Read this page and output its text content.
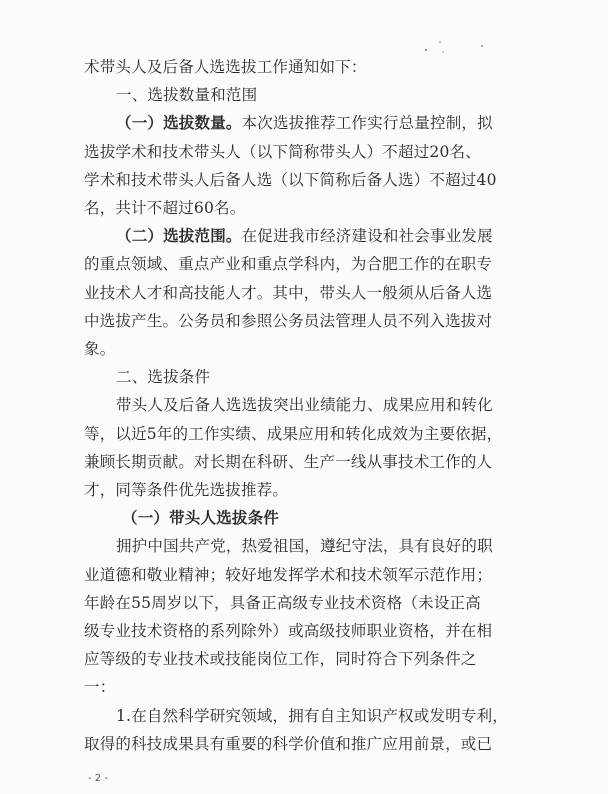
术带头人及后备人选选拔工作通知如下：
一、选拔数量和范围
（一）选拔数量。本次选拔推荐工作实行总量控制，拟
选拔学术和技术带头人（以下简称带头人）不超过20名、
学术和技术带头人后备人选（以下简称后备人选）不超过40
名，共计不超过60名。
（二）选拔范围。在促进我市经济建设和社会事业发展
的重点领域、重点产业和重点学科内，为合肥工作的在职专
业技术人才和高技能人才。其中，带头人一般须从后备人选
中选拔产生。公务员和参照公务员法管理人员不列入选拔对
象。
二、选拔条件
带头人及后备人选选拔突出业绩能力、成果应用和转化
等，以近5年的工作实绩、成果应用和转化成效为主要依据，
兼顾长期贡献。对长期在科研、生产一线从事技术工作的人
才，同等条件优先选拔推荐。
（一）带头人选拔条件
拥护中国共产党，热爱祖国，遵纪守法，具有良好的职
业道德和敬业精神；较好地发挥学术和技术领军示范作用；
年龄在55周岁以下，具备正高级专业技术资格（未设正高
级专业技术资格的系列除外）或高级技师职业资格，并在相
应等级的专业技术或技能岗位工作，同时符合下列条件之
一：
- 2 -
1.在自然科学研究领域，拥有自主知识产权或发明专利，
取得的科技成果具有重要的科学价值和推广应用前景，或已
